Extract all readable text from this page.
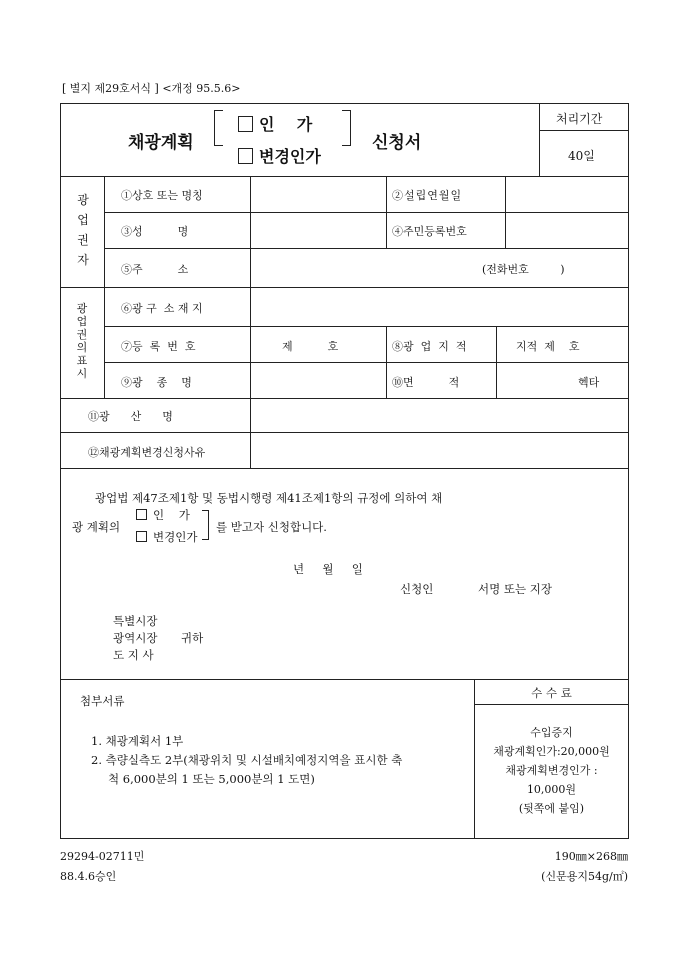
[ 별지 제29호서식 ] <개정 95.5.6>
채광계획
인    가
변경인가
신청서
처리기간
40일
광업권자
광업권의표시
①상호 또는 명칭	②설립연월일
③성          명	④주민등록번호
⑤주          소	(전화번호         )
⑥광 구  소 재 지
⑦등  록  번  호	제          호	⑧광  업  지  적	지적  제    호
⑨광    종    명	⑩면          적	헥타
⑪광      산      명
⑫채광계획변경신청사유
광업법 제47조제1항 및 동법시행령 제41조제1항의 규정에 의하여 채
광 계획의
인    가
변경인가
를 받고자 신청합니다.
년     월     일
신청인	서명 또는 지장
특별시장
광역시장
도 지 사
귀하
첨부서류
1. 채광계획서 1부
2. 측량실측도 2부(채광위치 및 시설배치예정지역을 표시한 축
척 6,000분의 1 또는 5,000분의 1 도면)
수 수 료
수입증지
채광계획인가:20,000원
채광계획변경인가 :
10,000원
(뒷쪽에 붙임)
29294-02711민
88.4.6승인
190㎜×268㎜
(신문용지54g/㎡)
